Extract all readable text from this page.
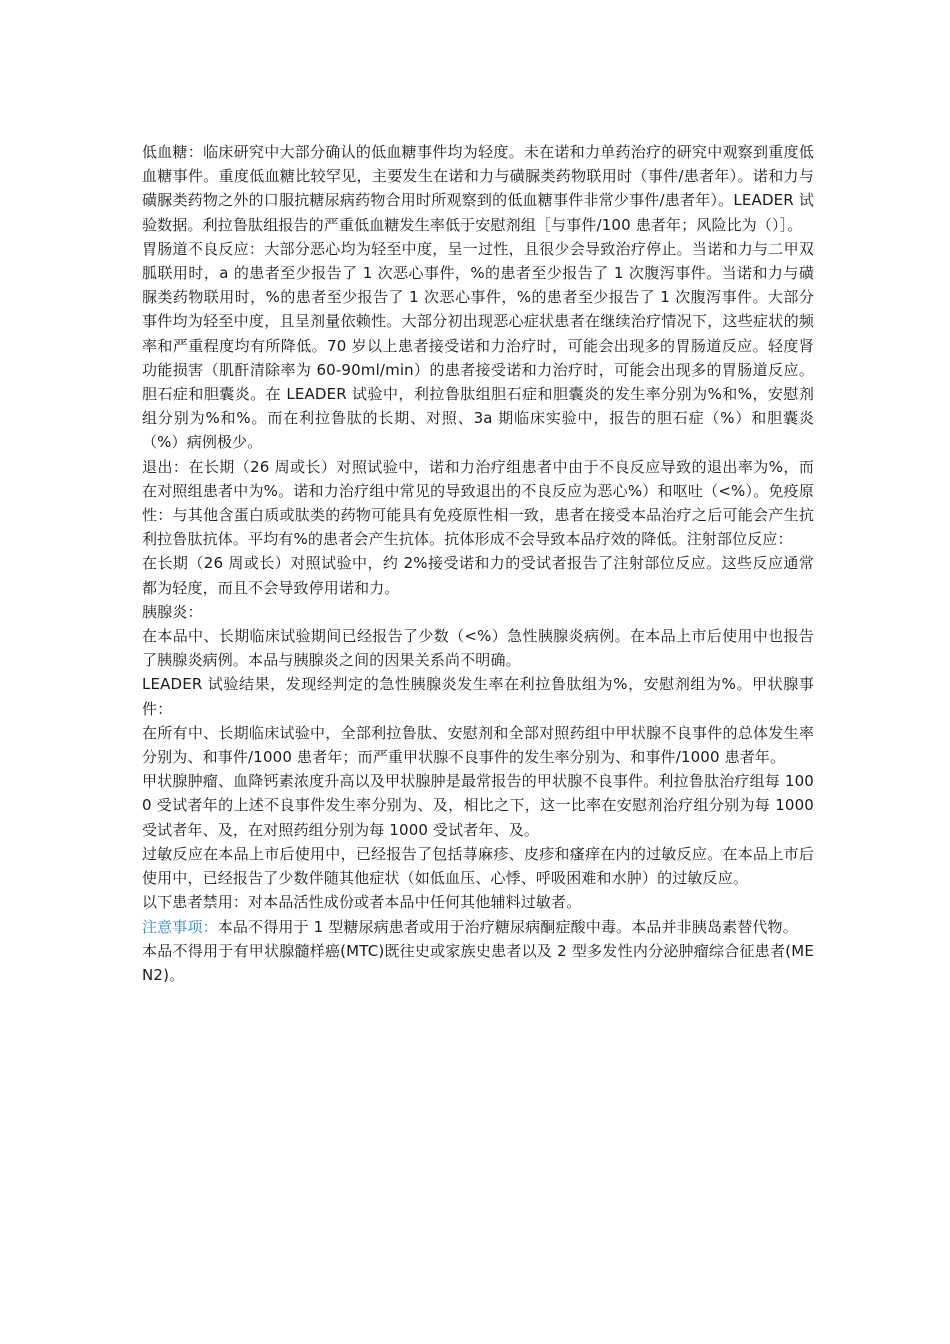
低血糖：临床研究中大部分确认的低血糖事件均为轻度。未在诺和力单药治疗的研究中观察到重度低血糖事件。重度低血糖比较罕见，主要发生在诺和力与磺脲类药物联用时（事件/患者年）。诺和力与磺脲类药物之外的口服抗糖尿病药物合用时所观察到的低血糖事件非常少事件/患者年）。LEADER 试验数据。利拉鲁肽组报告的严重低血糖发生率低于安慰剂组［与事件/100 患者年；风险比为（）］。

胃肠道不良反应：大部分恶心均为轻至中度，呈一过性，且很少会导致治疗停止。当诺和力与二甲双胍联用时，a 的患者至少报告了 1 次恶心事件，%的患者至少报告了 1 次腹泻事件。当诺和力与磺脲类药物联用时，%的患者至少报告了 1 次恶心事件，%的患者至少报告了 1 次腹泻事件。大部分事件均为轻至中度，且呈剂量依赖性。大部分初出现恶心症状患者在继续治疗情况下，这些症状的频率和严重程度均有所降低。70 岁以上患者接受诺和力治疗时，可能会出现多的胃肠道反应。轻度肾功能损害（肌酐清除率为 60-90ml/min）的患者接受诺和力治疗时，可能会出现多的胃肠道反应。胆石症和胆囊炎。在 LEADER 试验中，利拉鲁肽组胆石症和胆囊炎的发生率分别为%和%，安慰剂组分别为%和%。而在利拉鲁肽的长期、对照、3a 期临床实验中，报告的胆石症（%）和胆囊炎（%）病例极少。

退出：在长期（26 周或长）对照试验中，诺和力治疗组患者中由于不良反应导致的退出率为%，而在对照组患者中为%。诺和力治疗组中常见的导致退出的不良反应为恶心%）和呕吐（<%）。免疫原性：与其他含蛋白质或肽类的药物可能具有免疫原性相一致，患者在接受本品治疗之后可能会产生抗利拉鲁肽抗体。平均有%的患者会产生抗体。抗体形成不会导致本品疗效的降低。注射部位反应：

在长期（26 周或长）对照试验中，约 2%接受诺和力的受试者报告了注射部位反应。这些反应通常都为轻度，而且不会导致停用诺和力。

胰腺炎：

在本品中、长期临床试验期间已经报告了少数（<%）急性胰腺炎病例。在本品上市后使用中也报告了胰腺炎病例。本品与胰腺炎之间的因果关系尚不明确。

LEADER 试验结果，发现经判定的急性胰腺炎发生率在利拉鲁肽组为%，安慰剂组为%。甲状腺事件：

在所有中、长期临床试验中，全部利拉鲁肽、安慰剂和全部对照药组中甲状腺不良事件的总体发生率分别为、和事件/1000 患者年；而严重甲状腺不良事件的发生率分别为、和事件/1000 患者年。

甲状腺肿瘤、血降钙素浓度升高以及甲状腺肿是最常报告的甲状腺不良事件。利拉鲁肽治疗组每 1000 受试者年的上述不良事件发生率分别为、及，相比之下，这一比率在安慰剂治疗组分别为每 1000 受试者年、及，在对照药组分别为每 1000 受试者年、及。

过敏反应在本品上市后使用中，已经报告了包括荨麻疹、皮疹和瘙痒在内的过敏反应。在本品上市后使用中，已经报告了少数伴随其他症状（如低血压、心悸、呼吸困难和水肿）的过敏反应。

以下患者禁用：对本品活性成份或者本品中任何其他辅料过敏者。

注意事项：本品不得用于 1 型糖尿病患者或用于治疗糖尿病酮症酸中毒。本品并非胰岛素替代物。

本品不得用于有甲状腺髓样癌(MTC)既往史或家族史患者以及 2 型多发性内分泌肿瘤综合征患者(MEN2)。
